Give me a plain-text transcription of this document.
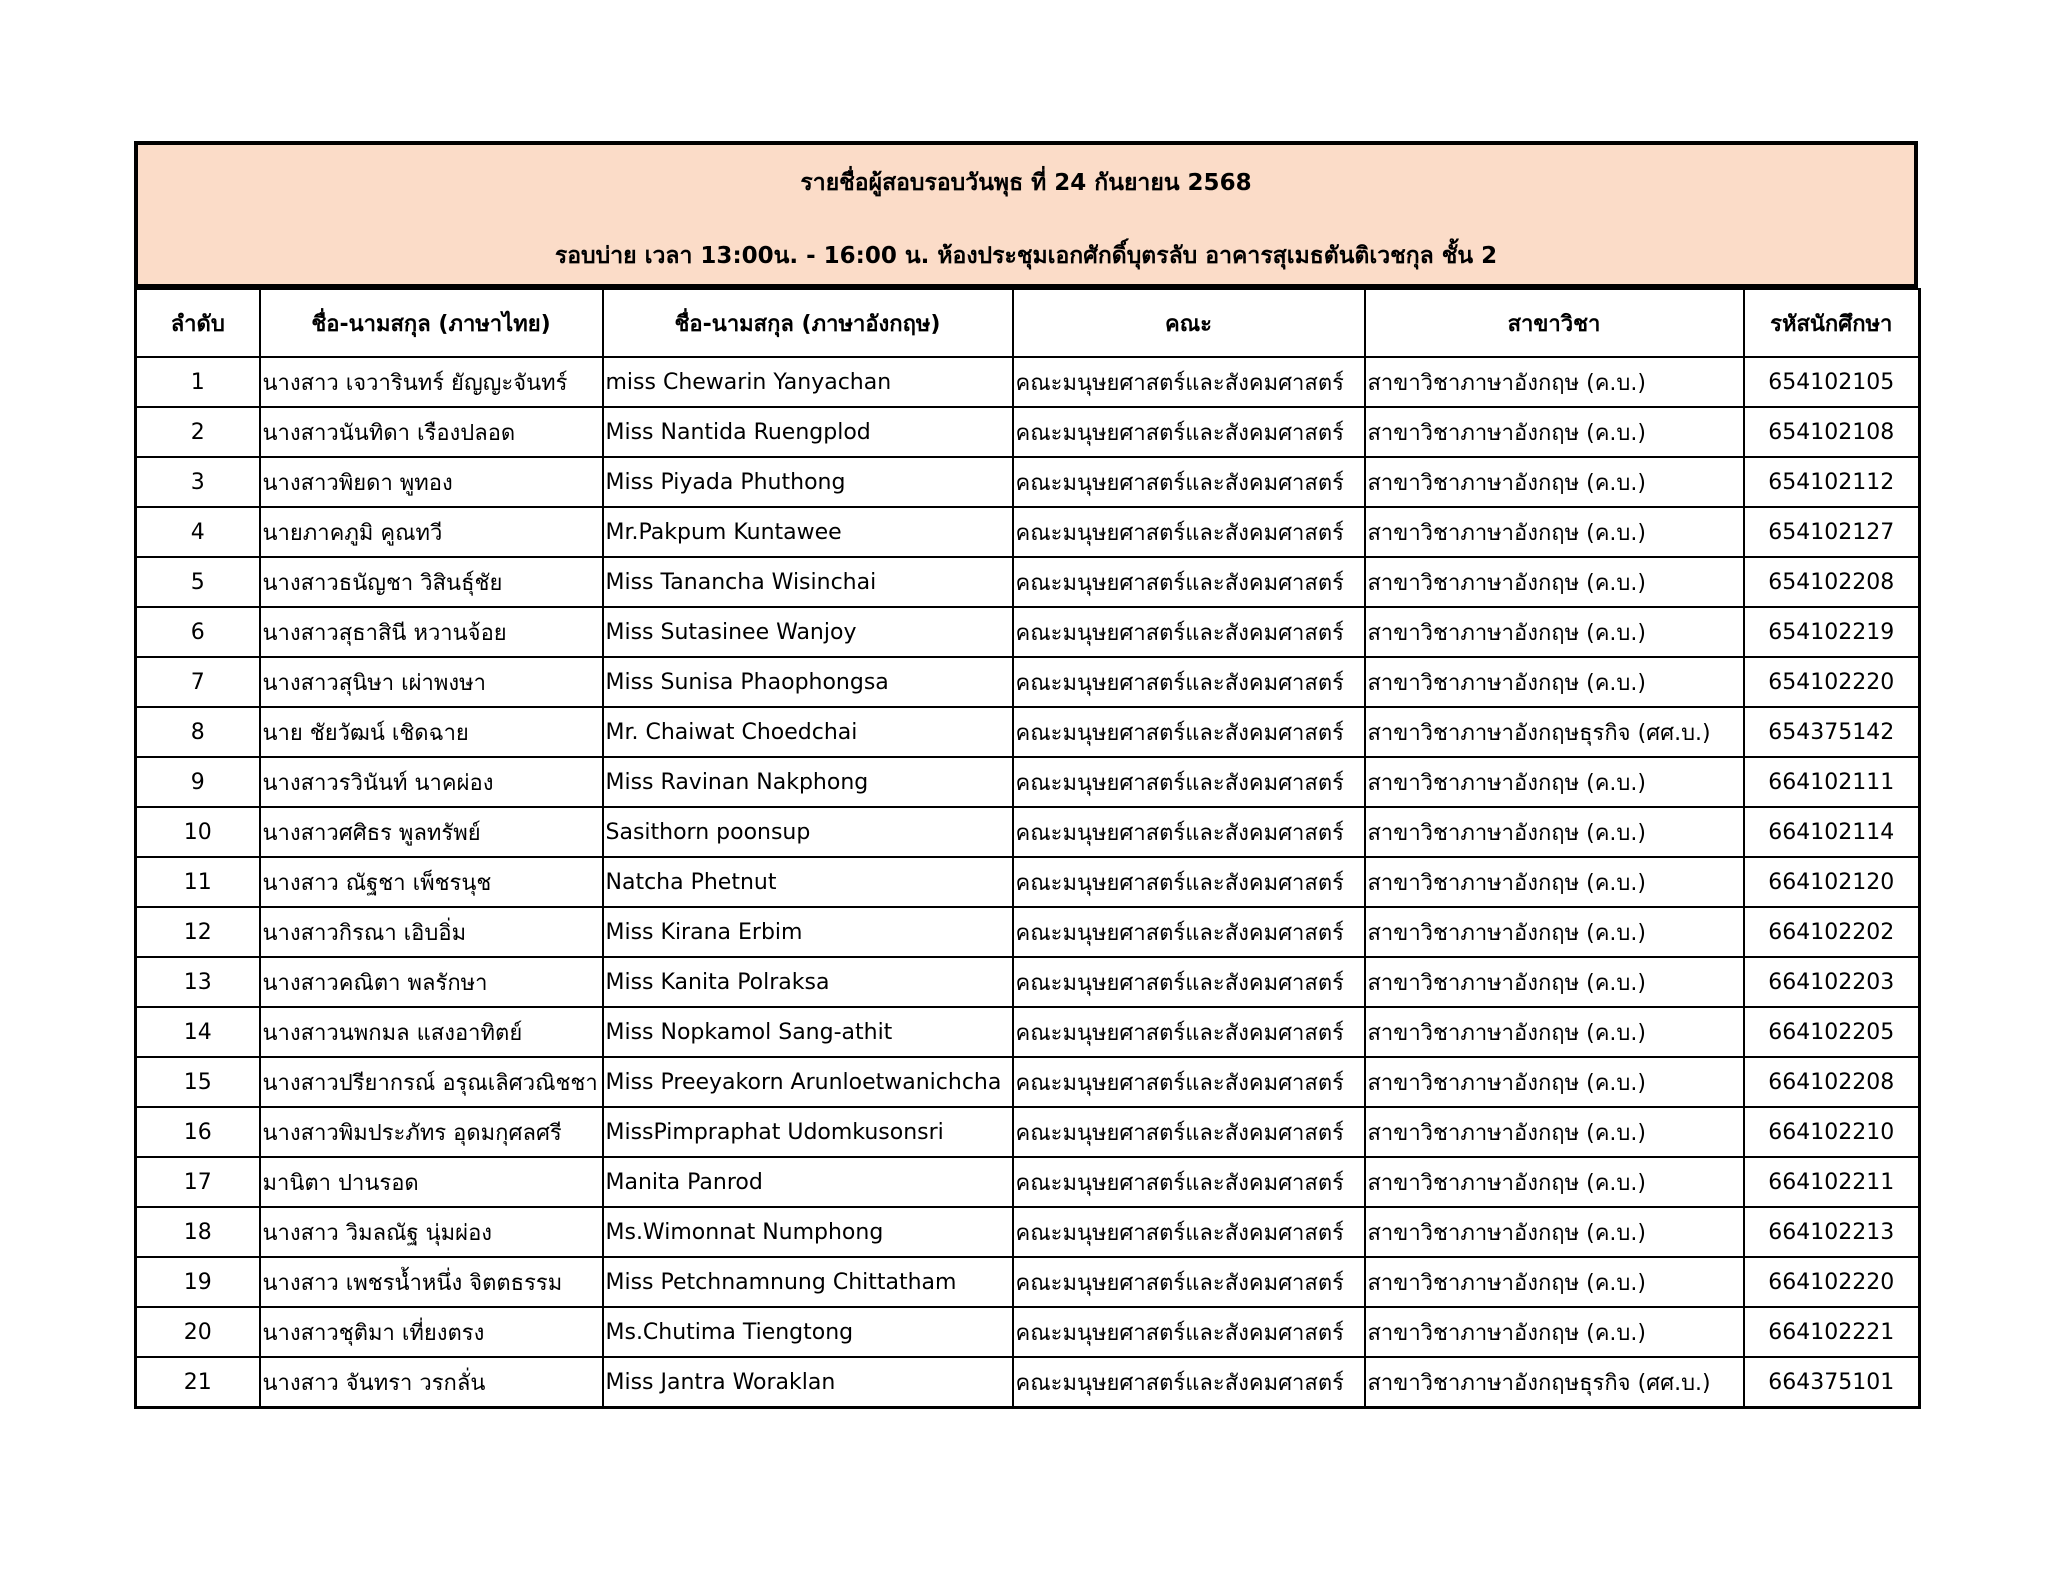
รายชื่อผู้สอบรอบวันพุธ ที่ 24 กันยายน 2568
รอบบ่าย เวลา 13:00น. - 16:00 น. ห้องประชุมเอกศักดิ์บุตรลับ อาคารสุเมธตันติเวชกุล ชั้น 2
ลำดับ	ชื่อ-นามสกุล (ภาษาไทย)	ชื่อ-นามสกุล (ภาษาอังกฤษ)	คณะ	สาขาวิชา	รหัสนักศึกษา
1	นางสาว เจวารินทร์ ยัญญะจันทร์	miss Chewarin Yanyachan	คณะมนุษยศาสตร์และสังคมศาสตร์	สาขาวิชาภาษาอังกฤษ (ค.บ.)	654102105
2	นางสาวนันทิดา เรืองปลอด	Miss Nantida Ruengplod	คณะมนุษยศาสตร์และสังคมศาสตร์	สาขาวิชาภาษาอังกฤษ (ค.บ.)	654102108
3	นางสาวพิยดา พูทอง	Miss Piyada Phuthong	คณะมนุษยศาสตร์และสังคมศาสตร์	สาขาวิชาภาษาอังกฤษ (ค.บ.)	654102112
4	นายภาคภูมิ คูณทวี	Mr.Pakpum Kuntawee	คณะมนุษยศาสตร์และสังคมศาสตร์	สาขาวิชาภาษาอังกฤษ (ค.บ.)	654102127
5	นางสาวธนัญชา วิสินธุ์ชัย	Miss Tanancha Wisinchai	คณะมนุษยศาสตร์และสังคมศาสตร์	สาขาวิชาภาษาอังกฤษ (ค.บ.)	654102208
6	นางสาวสุธาสินี หวานจ้อย	Miss Sutasinee Wanjoy	คณะมนุษยศาสตร์และสังคมศาสตร์	สาขาวิชาภาษาอังกฤษ (ค.บ.)	654102219
7	นางสาวสุนิษา เผ่าพงษา	Miss Sunisa Phaophongsa	คณะมนุษยศาสตร์และสังคมศาสตร์	สาขาวิชาภาษาอังกฤษ (ค.บ.)	654102220
8	นาย ชัยวัฒน์ เชิดฉาย	Mr. Chaiwat Choedchai	คณะมนุษยศาสตร์และสังคมศาสตร์	สาขาวิชาภาษาอังกฤษธุรกิจ (ศศ.บ.)	654375142
9	นางสาวรวินันท์ นาคผ่อง	Miss Ravinan Nakphong	คณะมนุษยศาสตร์และสังคมศาสตร์	สาขาวิชาภาษาอังกฤษ (ค.บ.)	664102111
10	นางสาวศศิธร พูลทรัพย์	Sasithorn poonsup	คณะมนุษยศาสตร์และสังคมศาสตร์	สาขาวิชาภาษาอังกฤษ (ค.บ.)	664102114
11	นางสาว ณัฐชา เพ็ชรนุช	Natcha Phetnut	คณะมนุษยศาสตร์และสังคมศาสตร์	สาขาวิชาภาษาอังกฤษ (ค.บ.)	664102120
12	นางสาวกิรณา เอิบอิ่ม	Miss Kirana Erbim	คณะมนุษยศาสตร์และสังคมศาสตร์	สาขาวิชาภาษาอังกฤษ (ค.บ.)	664102202
13	นางสาวคณิตา พลรักษา	Miss Kanita Polraksa	คณะมนุษยศาสตร์และสังคมศาสตร์	สาขาวิชาภาษาอังกฤษ (ค.บ.)	664102203
14	นางสาวนพกมล แสงอาทิตย์	Miss Nopkamol Sang-athit	คณะมนุษยศาสตร์และสังคมศาสตร์	สาขาวิชาภาษาอังกฤษ (ค.บ.)	664102205
15	นางสาวปรียากรณ์ อรุณเลิศวณิชชา	Miss Preeyakorn Arunloetwanichcha	คณะมนุษยศาสตร์และสังคมศาสตร์	สาขาวิชาภาษาอังกฤษ (ค.บ.)	664102208
16	นางสาวพิมประภัทร อุดมกุศลศรี	MissPimpraphat Udomkusonsri	คณะมนุษยศาสตร์และสังคมศาสตร์	สาขาวิชาภาษาอังกฤษ (ค.บ.)	664102210
17	มานิตา ปานรอด	Manita Panrod	คณะมนุษยศาสตร์และสังคมศาสตร์	สาขาวิชาภาษาอังกฤษ (ค.บ.)	664102211
18	นางสาว วิมลณัฐ นุ่มผ่อง	Ms.Wimonnat Numphong	คณะมนุษยศาสตร์และสังคมศาสตร์	สาขาวิชาภาษาอังกฤษ (ค.บ.)	664102213
19	นางสาว เพชรน้ำหนึ่ง จิตตธรรม	Miss Petchnamnung Chittatham	คณะมนุษยศาสตร์และสังคมศาสตร์	สาขาวิชาภาษาอังกฤษ (ค.บ.)	664102220
20	นางสาวชุติมา เที่ยงตรง	Ms.Chutima Tiengtong	คณะมนุษยศาสตร์และสังคมศาสตร์	สาขาวิชาภาษาอังกฤษ (ค.บ.)	664102221
21	นางสาว จันทรา วรกลั่น	Miss Jantra Woraklan	คณะมนุษยศาสตร์และสังคมศาสตร์	สาขาวิชาภาษาอังกฤษธุรกิจ (ศศ.บ.)	664375101
